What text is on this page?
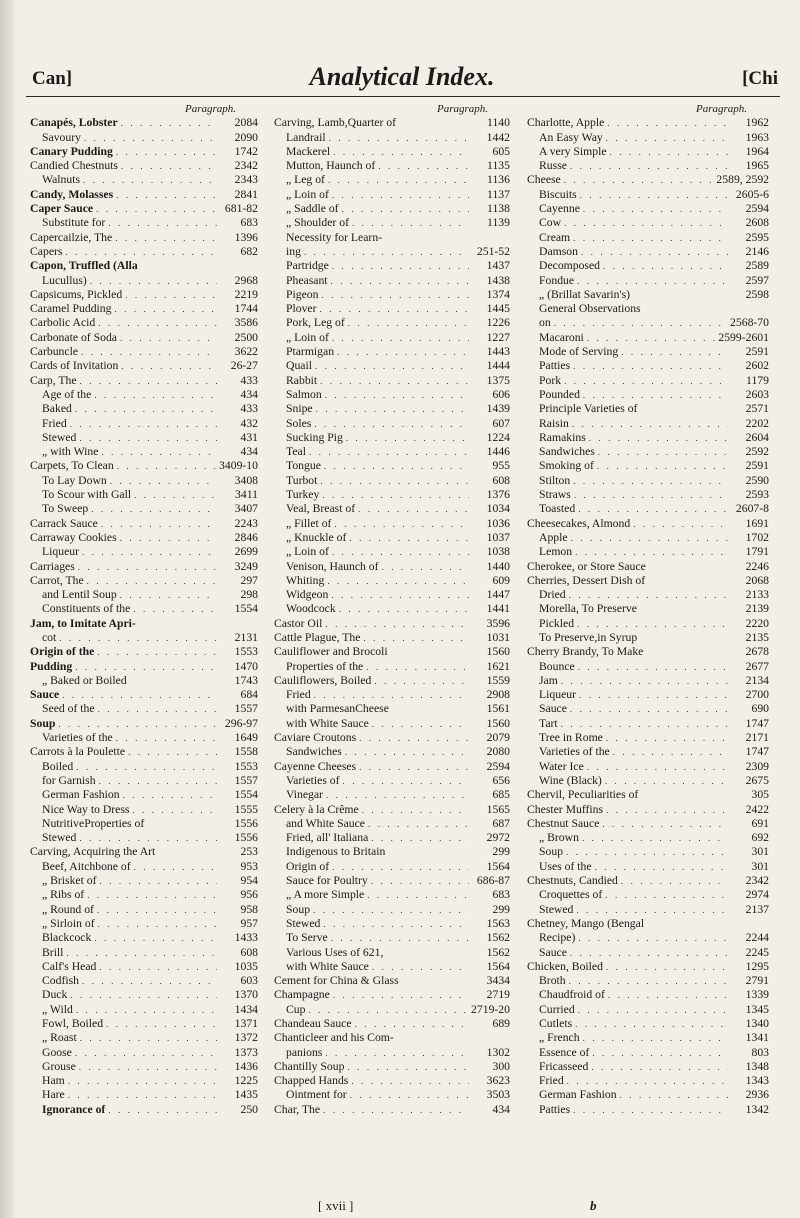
Can]	Analytical Index.	[Chi
Paragraph.
Canapés, Lobster . . .	2084
Savoury . . .	2090
Canary Pudding . . .	1742
Candied Chestnuts . . .	2342
Walnuts . . .	2343
Candy, Molasses . . .	2841
Caper Sauce . . .	681-82
Substitute for . . .	683
Capercailzie, The . . .	1396
Capers . . .	682
Capon, Truffled (Alla
Lucullus) . . .	2968
Capsicums, Pickled . . .	2219
Caramel Pudding . . .	1744
Carbolic Acid . . .	3586
Carbonate of Soda . . .	2500
Carbuncle . . .	3622
Cards of Invitation . . .	26-27
Carp, The . . .	433
Age of the . . .	434
Baked . . .	433
Fried . . .	432
Stewed . . .	431
„ with Wine . . .	434
Carpets, To Clean . . .	3409-10
To Lay Down . . .	3408
To Scour with Gall . . .	3411
To Sweep . . .	3407
Carrack Sauce . . .	2243
Carraway Cookies . . .	2846
Liqueur . . .	2699
Carriages . . .	3249
Carrot, The . . .	297
and Lentil Soup . . .	298
Constituents of the . . .	1554
Jam, to Imitate Apri-
cot . . .	2131
Origin of the . . .	1553
Pudding . . .	1470
„ Baked or Boiled	1743
Sauce . . .	684
Seed of the . . .	1557
Soup . . .	296-97
Varieties of the . . .	1649
Carrots à la Poulette . . .	1558
Boiled . . .	1553
for Garnish . . .	1557
German Fashion . . .	1554
Nice Way to Dress . . .	1555
NutritiveProperties of	1556
Stewed . . .	1556
Carving, Acquiring the Art	253
Beef, Aitchbone of . . .	953
„ Brisket of . . .	954
„ Ribs of . . .	956
„ Round of . . .	958
„ Sirloin of . . .	957
Blackcock . . .	1433
Brill . . .	608
Calf's Head . . .	1035
Codfish . . .	603
Duck . . .	1370
„ Wild . . .	1434
Fowl, Boiled . . .	1371
„ Roast . . .	1372
Goose . . .	1373
Grouse . . .	1436
Ham . . .	1225
Hare . . .	1435
Ignorance of . . .	250
Paragraph.
Carving, Lamb,Quarter of	1140
Landrail . . .	1442
Mackerel . . .	605
Mutton, Haunch of . . .	1135
„ Leg of . . .	1136
„ Loin of . . .	1137
„ Saddle of . . .	1138
„ Shoulder of . . .	1139
Necessity for Learn-
ing . . .	251-52
Partridge . . .	1437
Pheasant . . .	1438
Pigeon . . .	1374
Plover . . .	1445
Pork, Leg of . . .	1226
„ Loin of . . .	1227
Ptarmigan . . .	1443
Quail . . .	1444
Rabbit . . .	1375
Salmon . . .	606
Snipe . . .	1439
Soles . . .	607
Sucking Pig . . .	1224
Teal . . .	1446
Tongue . . .	955
Turbot . . .	608
Turkey . . .	1376
Veal, Breast of . . .	1034
„ Fillet of . . .	1036
„ Knuckle of . . .	1037
„ Loin of . . .	1038
Venison, Haunch of . . .	1440
Whiting . . .	609
Widgeon . . .	1447
Woodcock . . .	1441
Castor Oil . . .	3596
Cattle Plague, The . . .	1031
Cauliflower and Brocoli	1560
Properties of the . . .	1621
Cauliflowers, Boiled . . .	1559
Fried . . .	2908
with ParmesanCheese	1561
with White Sauce . . .	1560
Caviare Croutons . . .	2079
Sandwiches . . .	2080
Cayenne Cheeses . . .	2594
Varieties of . . .	656
Vinegar . . .	685
Celery à la Crême . . .	1565
and White Sauce . . .	687
Fried, all' Italiana . . .	2972
Indigenous to Britain	299
Origin of . . .	1564
Sauce for Poultry . . .	686-87
„ A more Simple . . .	683
Soup . . .	299
Stewed . . .	1563
To Serve . . .	1562
Various Uses of 621,	1562
with White Sauce . . .	1564
Cement for China & Glass	3434
Champagne . . .	2719
Cup . . .	2719-20
Chandeau Sauce . . .	689
Chanticleer and his Com-
panions . . .	1302
Chantilly Soup . . .	300
Chapped Hands . . .	3623
Ointment for . . .	3503
Char, The . . .	434
Paragraph.
Charlotte, Apple . . .	1962
An Easy Way . . .	1963
A very Simple . . .	1964
Russe . . .	1965
Cheese . . .	2589, 2592
Biscuits . . .	2605-6
Cayenne . . .	2594
Cow . . .	2608
Cream . . .	2595
Damson . . .	2146
Decomposed . . .	2589
Fondue . . .	2597
„ (Brillat Savarin's)	2598
General Observations
on . . .	2568-70
Macaroni . . .	2599-2601
Mode of Serving . . .	2591
Patties . . .	2602
Pork . . .	1179
Pounded . . .	2603
Principle Varieties of	2571
Raisin . . .	2202
Ramakins . . .	2604
Sandwiches . . .	2592
Smoking of . . .	2591
Stilton . . .	2590
Straws . . .	2593
Toasted . . .	2607-8
Cheesecakes, Almond . . .	1691
Apple . . .	1702
Lemon . . .	1791
Cherokee, or Store Sauce	2246
Cherries, Dessert Dish of	2068
Dried . . .	2133
Morella, To Preserve	2139
Pickled . . .	2220
To Preserve,in Syrup	2135
Cherry Brandy, To Make	2678
Bounce . . .	2677
Jam . . .	2134
Liqueur . . .	2700
Sauce . . .	690
Tart . . .	1747
Tree in Rome . . .	2171
Varieties of the . . .	1747
Water Ice . . .	2309
Wine (Black) . . .	2675
Chervil, Peculiarities of	305
Chester Muffins . . .	2422
Chestnut Sauce . . .	691
„ Brown . . .	692
Soup . . .	301
Uses of the . . .	301
Chestnuts, Candied . . .	2342
Croquettes of . . .	2974
Stewed . . .	2137
Chetney, Mango (Bengal
Recipe) . . .	2244
Sauce . . .	2245
Chicken, Boiled . . .	1295
Broth . . .	2791
Chaudfroid of . . .	1339
Curried . . .	1345
Cutlets . . .	1340
„ French . . .	1341
Essence of . . .	803
Fricasseed . . .	1348
Fried . . .	1343
German Fashion . . .	2936
Patties . . .	1342
[ xvii ]	b
